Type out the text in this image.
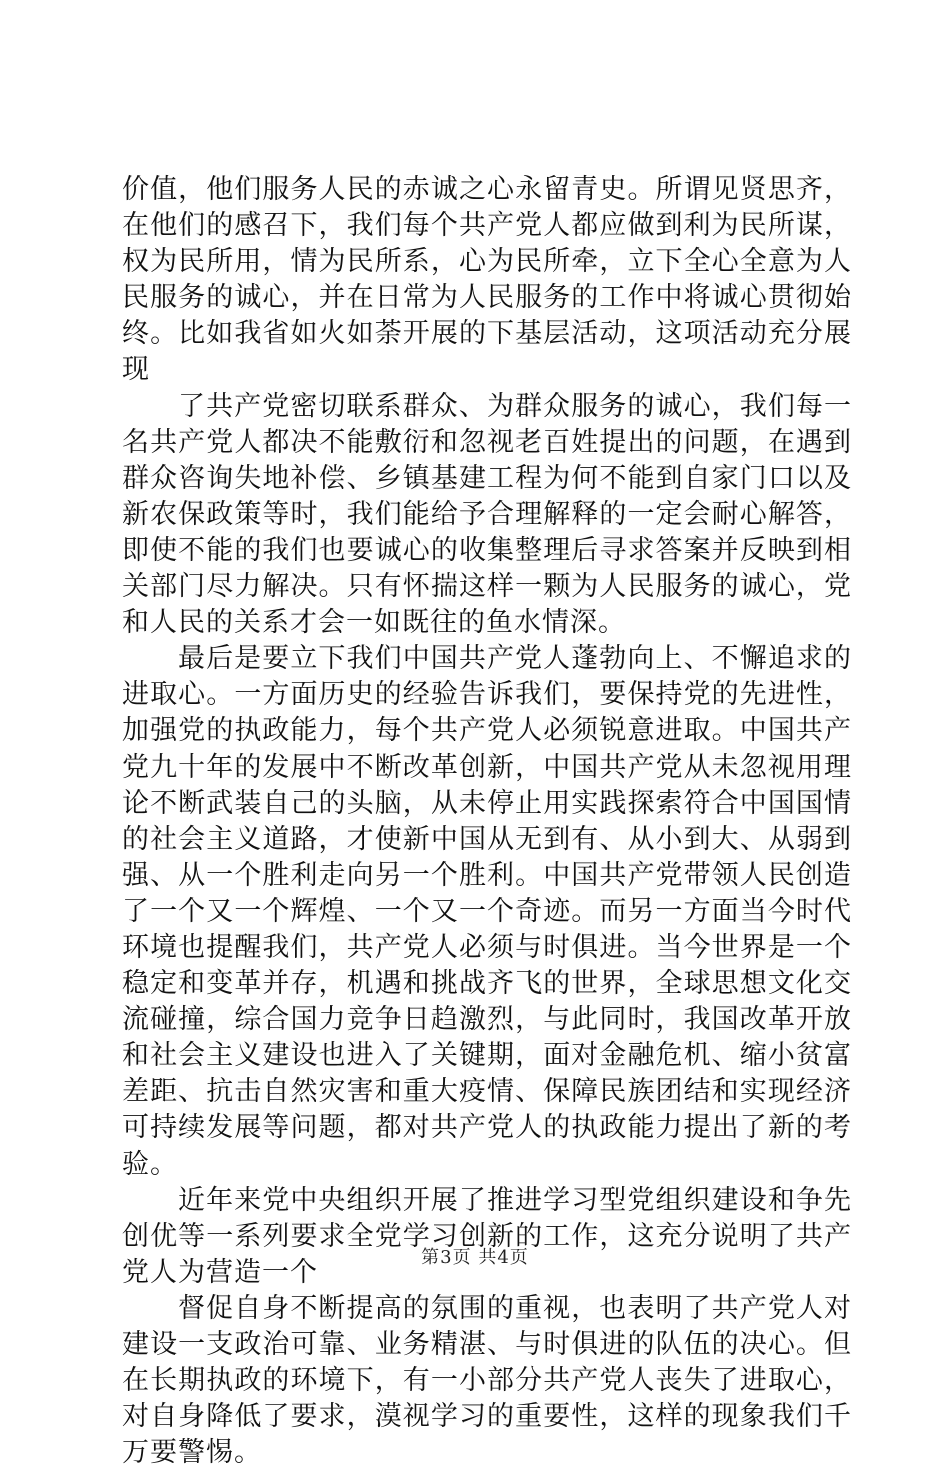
价值，他们服务人民的赤诚之心永留青史。所谓见贤思齐，在他们的感召下，我们每个共产党人都应做到利为民所谋，权为民所用，情为民所系，心为民所牵，立下全心全意为人民服务的诚心，并在日常为人民服务的工作中将诚心贯彻始终。比如我省如火如荼开展的下基层活动，这项活动充分展现

了共产党密切联系群众、为群众服务的诚心，我们每一名共产党人都决不能敷衍和忽视老百姓提出的问题，在遇到群众咨询失地补偿、乡镇基建工程为何不能到自家门口以及新农保政策等时，我们能给予合理解释的一定会耐心解答，即使不能的我们也要诚心的收集整理后寻求答案并反映到相关部门尽力解决。只有怀揣这样一颗为人民服务的诚心，党和人民的关系才会一如既往的鱼水情深。

最后是要立下我们中国共产党人蓬勃向上、不懈追求的进取心。一方面历史的经验告诉我们，要保持党的先进性，加强党的执政能力，每个共产党人必须锐意进取。中国共产党九十年的发展中不断改革创新，中国共产党从未忽视用理论不断武装自己的头脑，从未停止用实践探索符合中国国情的社会主义道路，才使新中国从无到有、从小到大、从弱到强、从一个胜利走向另一个胜利。中国共产党带领人民创造了一个又一个辉煌、一个又一个奇迹。而另一方面当今时代环境也提醒我们，共产党人必须与时俱进。当今世界是一个稳定和变革并存，机遇和挑战齐飞的世界，全球思想文化交流碰撞，综合国力竞争日趋激烈，与此同时，我国改革开放和社会主义建设也进入了关键期，面对金融危机、缩小贫富差距、抗击自然灾害和重大疫情、保障民族团结和实现经济可持续发展等问题，都对共产党人的执政能力提出了新的考验。

近年来党中央组织开展了推进学习型党组织建设和争先创优等一系列要求全党学习创新的工作，这充分说明了共产党人为营造一个

督促自身不断提高的氛围的重视，也表明了共产党人对建设一支政治可靠、业务精湛、与时俱进的队伍的决心。但在长期执政的环境下，有一小部分共产党人丧失了进取心，对自身降低了要求，漠视学习的重要性，这样的现象我们千万要警惕。

第3页 共4页
